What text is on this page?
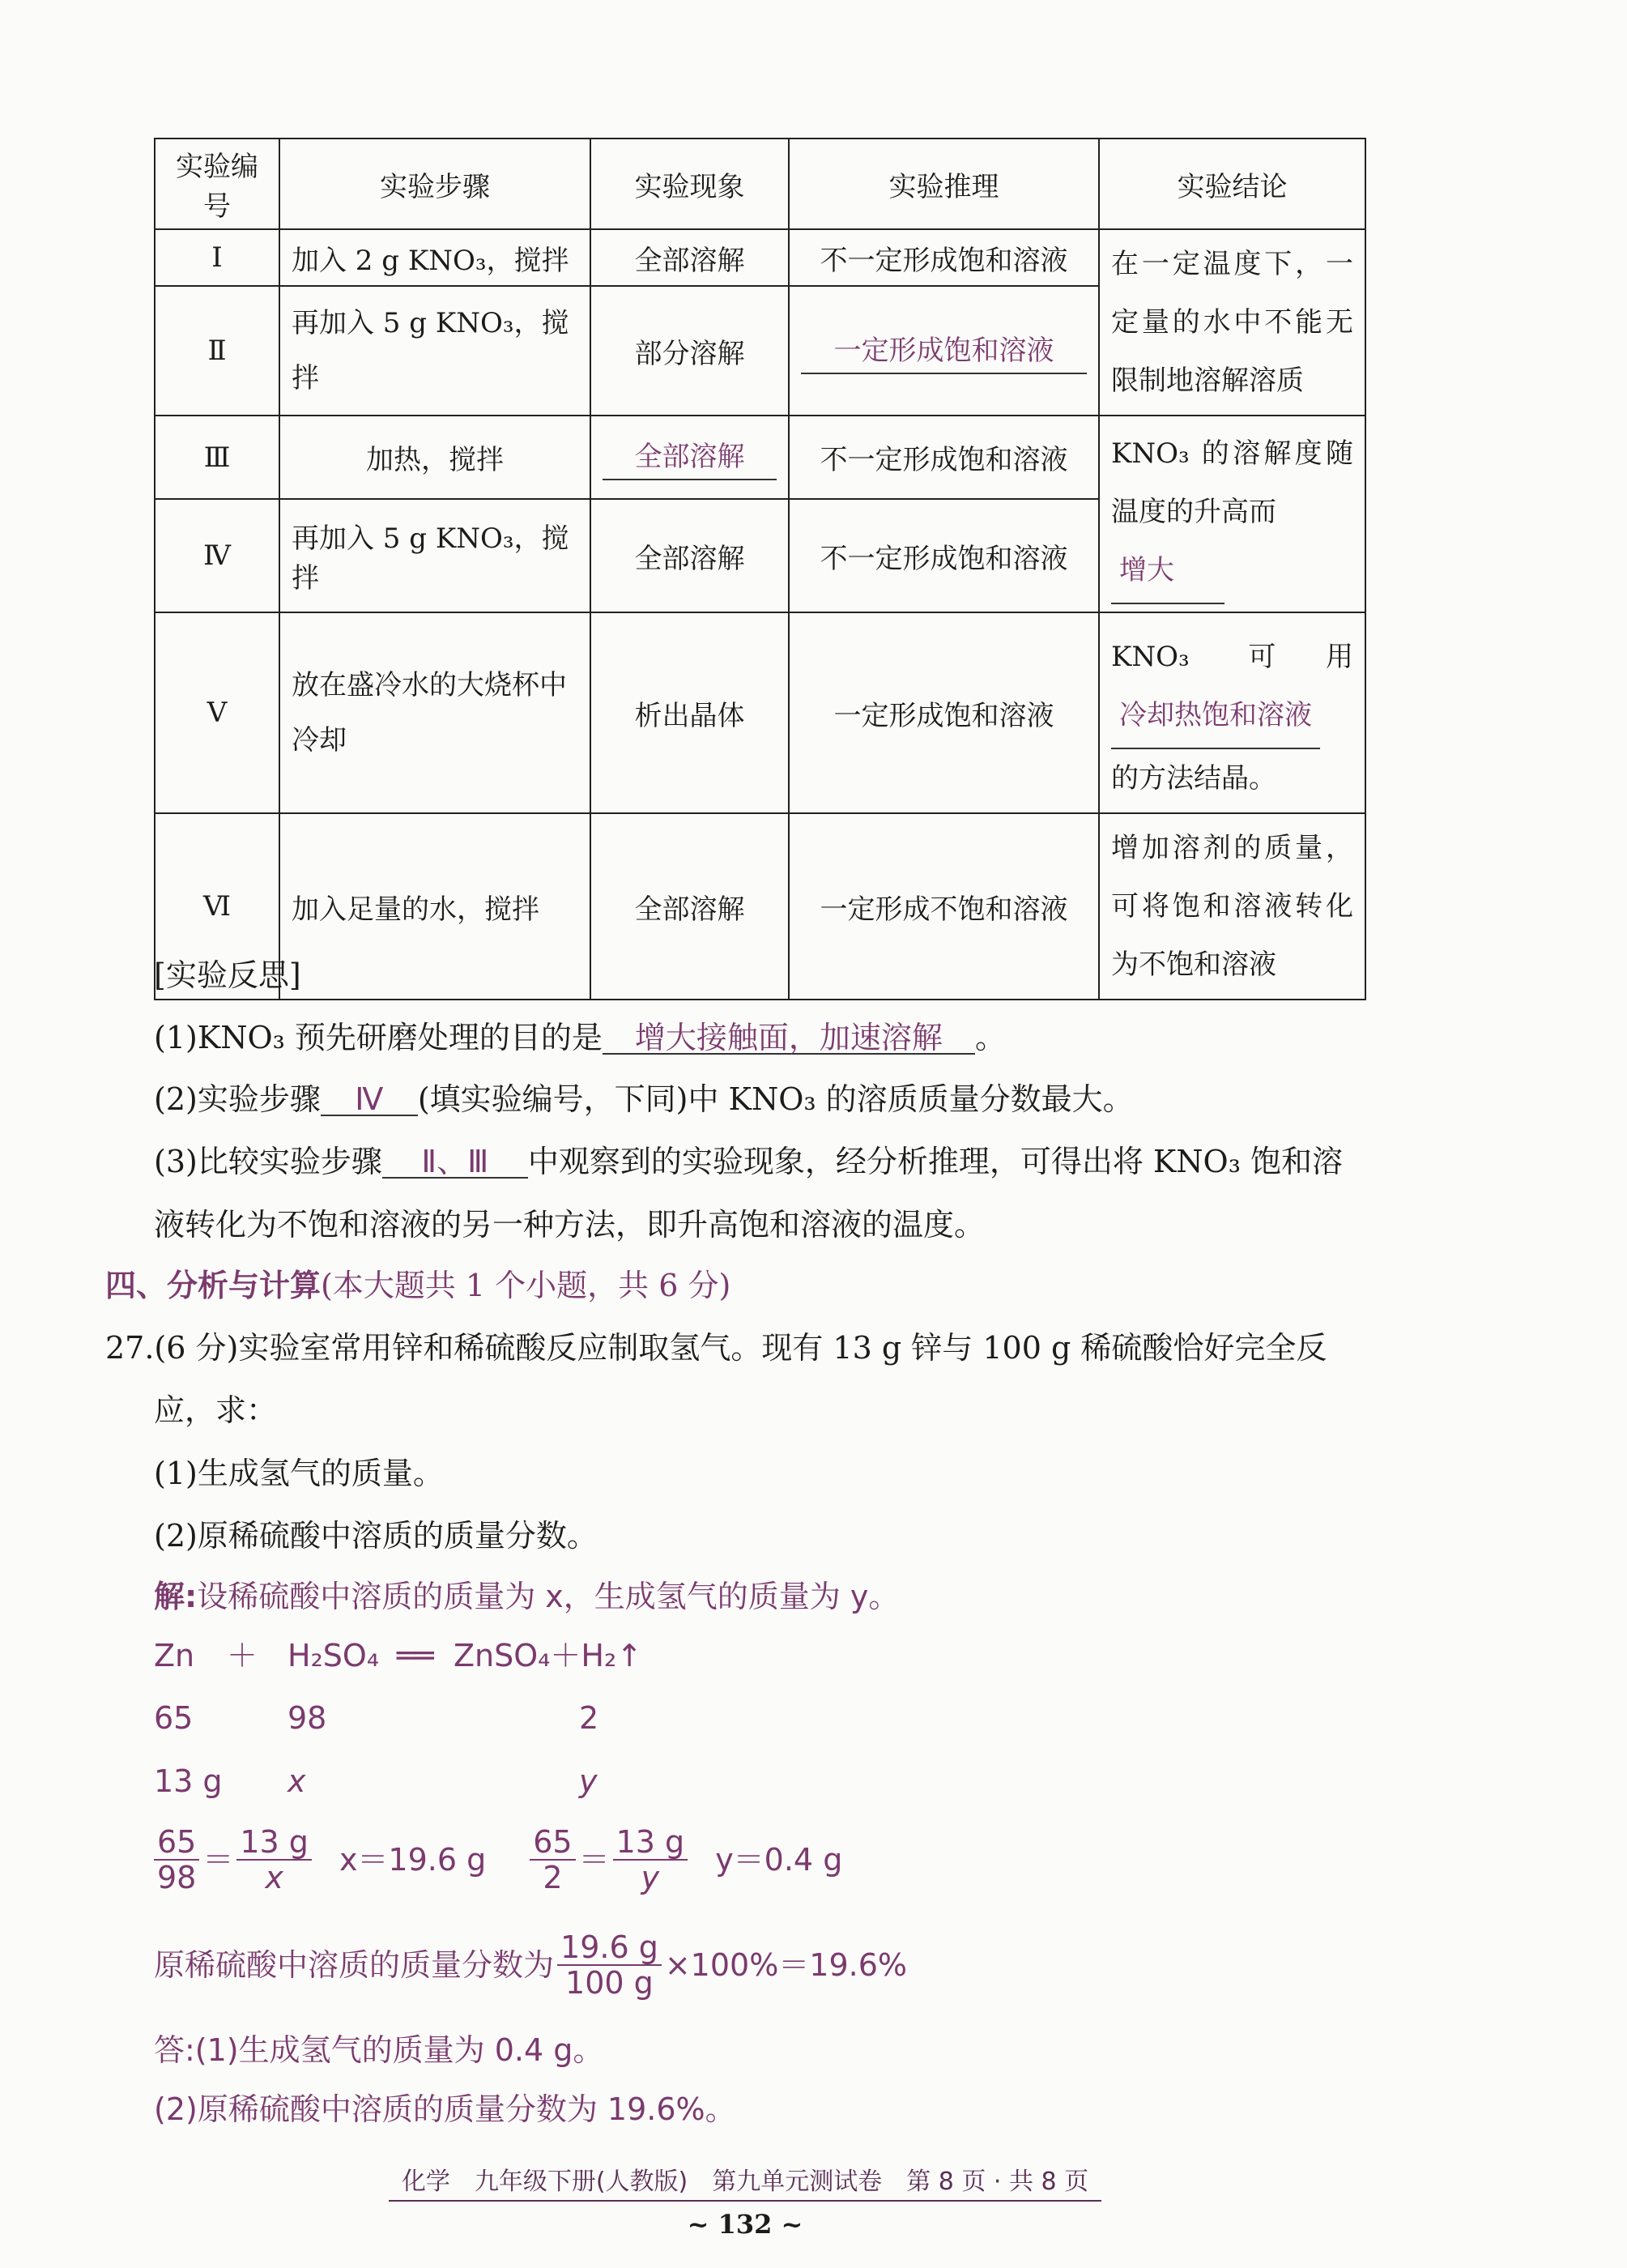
实验编号	实验步骤	实验现象	实验推理	实验结论
Ⅰ	加入 2 g KNO₃，搅拌	全部溶解	不一定形成饱和溶液	在一定温度下，一定量的水中不能无限制地溶解溶质
Ⅱ	再加入 5 g KNO₃，搅拌	部分溶解	一定形成饱和溶液	

Ⅲ	加热，搅拌	全部溶解	不一定形成饱和溶液	KNO₃ 的溶解度随温度的升高而
增大
Ⅳ	再加入 5 g KNO₃，搅拌	全部溶解	不一定形成饱和溶液	
Ⅴ	放在盛冷水的大烧杯中冷却	析出晶体	一定形成饱和溶液	KNO₃ 可用 冷却热饱和溶液 的方法结晶。
Ⅵ	加入足量的水，搅拌	全部溶解	一定形成不饱和溶液	增加溶剂的质量，可将饱和溶液转化为不饱和溶液
[实验反思]
(1)KNO₃ 预先研磨处理的目的是 增大接触面，加速溶解 。
(2)实验步骤 Ⅳ (填实验编号，下同)中 KNO₃ 的溶质质量分数最大。
(3)比较实验步骤 Ⅱ、Ⅲ 中观察到的实验现象，经分析推理，可得出将 KNO₃ 饱和溶
液转化为不饱和溶液的另一种方法，即升高饱和溶液的温度。
四、分析与计算(本大题共 1 个小题，共 6 分)
27.(6 分)实验室常用锌和稀硫酸反应制取氢气。现有 13 g 锌与 100 g 稀硫酸恰好完全反
应，求：
(1)生成氢气的质量。
(2)原稀硫酸中溶质的质量分数。
解:设稀硫酸中溶质的质量为 x，生成氢气的质量为 y。
Zn ＋ H₂SO₄ ══ ZnSO₄＋H₂↑
65	98	2
13 g x	y
$\frac{65}{98} = \frac{13 g}{x} x=19.6$ g $\frac{65}{2} = \frac{13 g}{y} y=0.4$ g
原稀硫酸中溶质的质量分数为 $\frac{19.6 g}{100 g} \times 100\%=19.6\%$
答:(1)生成氢气的质量为 0.4 g。
(2)原稀硫酸中溶质的质量分数为 19.6%。
化学　九年级下册(人教版)　第九单元测试卷　第 8 页 · 共 8 页
~ 132 ~
